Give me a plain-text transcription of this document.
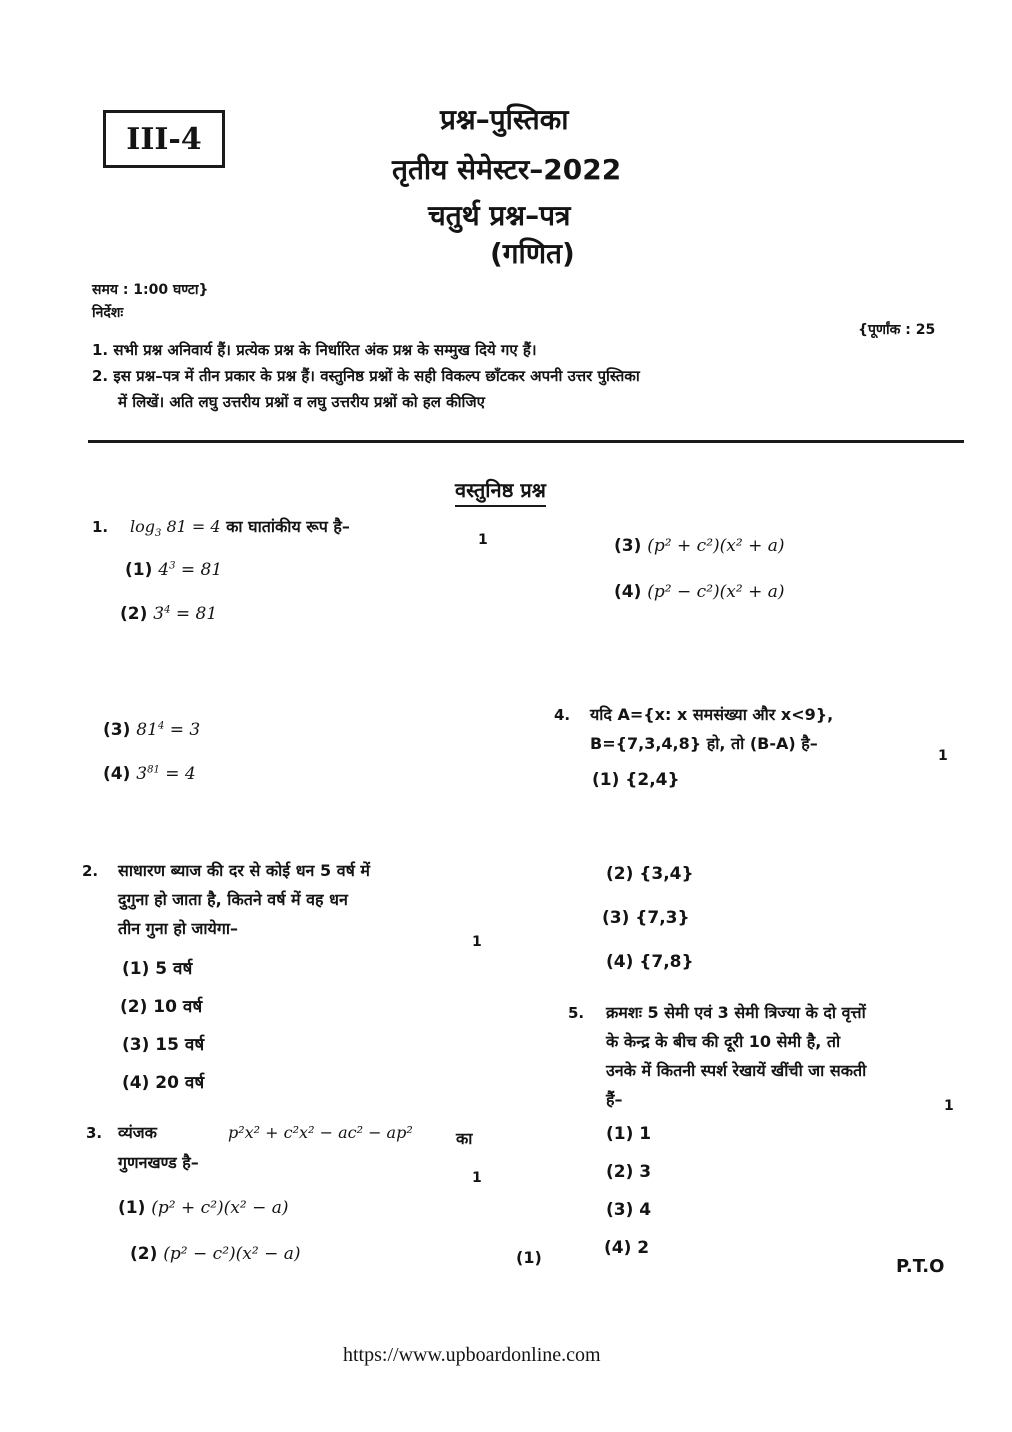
III-4
प्रश्न–पुस्तिका
तृतीय सेमेस्टर–2022
चतुर्थ प्रश्न–पत्र
(गणित)
समय : 1:00 घण्टा}
निर्देशः
{पूर्णांक : 25
1. सभी प्रश्न अनिवार्य हैं। प्रत्येक प्रश्न के निर्धारित अंक प्रश्न के सम्मुख दिये गए हैं।
2. इस प्रश्न–पत्र में तीन प्रकार के प्रश्न हैं। वस्तुनिष्ठ प्रश्नों के सही विकल्प छाँटकर अपनी उत्तर पुस्तिका
में लिखें। अति लघु उत्तरीय प्रश्नों व लघु उत्तरीय प्रश्नों को हल कीजिए
वस्तुनिष्ठ प्रश्न
1. $\log_3 81 = 4$ का घातांकीय रूप है–
1
(1) $4^3 = 81$
(2) $3^4 = 81$
(3) $81^4 = 3$
(4) $3^{81} = 4$
2. साधारण ब्याज की दर से कोई धन 5 वर्ष में
दुगुना हो जाता है, कितने वर्ष में वह धन
तीन गुना हो जायेगा–
1
(1) 5 वर्ष
(2) 10 वर्ष
(3) 15 वर्ष
(4) 20 वर्ष
3. व्यंजक	p²x² + c²x² − ac² − ap²	का
गुणनखण्ड है–
1
(1) (p² + c²)(x² − a)
(2) (p² − c²)(x² − a)
(3) (p² + c²)(x² + a)
(4) (p² − c²)(x² + a)
4. यदि A={x: x समसंख्या और x<9},
B={7,3,4,8} हो, तो (B-A) है–
1
(1) {2,4}
(2) {3,4}
(3) {7,3}
(4) {7,8}
5. क्रमशः 5 सेमी एवं 3 सेमी त्रिज्या के दो वृत्तों
के केन्द्र के बीच की दूरी 10 सेमी है, तो
उनके में कितनी स्पर्श रेखायें खींची जा सकती
हैं–	1
(1) 1
(2) 3
(3) 4
(4) 2
(1)	P.T.O
https://www.upboardonline.com
